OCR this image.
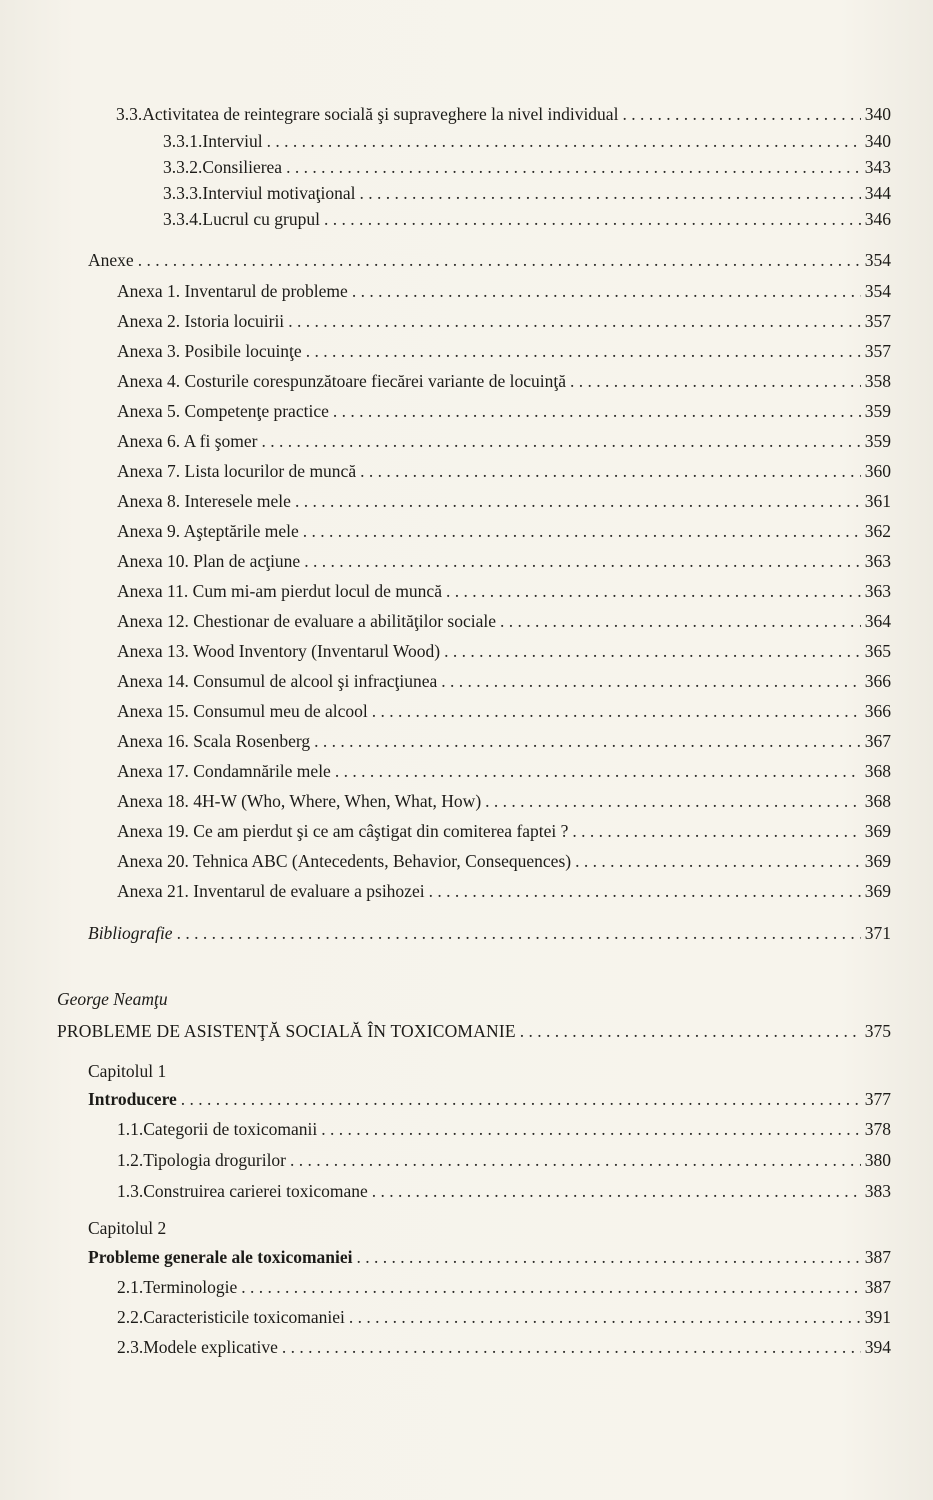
3.3. Activitatea de reintegrare socială şi supraveghere la nivel individual . . .	340
3.3.1. Interviul . . .	340
3.3.2. Consilierea . . .	343
3.3.3. Interviul motivaţional . . .	344
3.3.4. Lucrul cu grupul . . .	346
Anexe . . .	354
Anexa 1. Inventarul de probleme . . .	354
Anexa 2. Istoria locuirii . . .	357
Anexa 3. Posibile locuinţe . . .	357
Anexa 4. Costurile corespunzătoare fiecărei variante de locuinţă . . .	358
Anexa 5. Competenţe practice . . .	359
Anexa 6. A fi şomer . . .	359
Anexa 7. Lista locurilor de muncă . . .	360
Anexa 8. Interesele mele . . .	361
Anexa 9. Aşteptările mele . . .	362
Anexa 10. Plan de acţiune . . .	363
Anexa 11. Cum mi-am pierdut locul de muncă . . .	363
Anexa 12. Chestionar de evaluare a abilităţilor sociale . . .	364
Anexa 13. Wood Inventory (Inventarul Wood) . . .	365
Anexa 14. Consumul de alcool şi infracţiunea . . .	366
Anexa 15. Consumul meu de alcool . . .	366
Anexa 16. Scala Rosenberg . . .	367
Anexa 17. Condamnările mele . . .	368
Anexa 18. 4H-W (Who, Where, When, What, How) . . .	368
Anexa 19. Ce am pierdut şi ce am câştigat din comiterea faptei ? . . .	369
Anexa 20. Tehnica ABC (Antecedents, Behavior, Consequences) . . .	369
Anexa 21. Inventarul de evaluare a psihozei . . .	369
Bibliografie . . .	371
George Neamţu
PROBLEME DE ASISTENŢĂ SOCIALĂ ÎN TOXICOMANIE . . .	375
Capitolul 1
Introducere . . .	377
1.1. Categorii de toxicomanii . . .	378
1.2. Tipologia drogurilor . . .	380
1.3. Construirea carierei toxicomane . . .	383
Capitolul 2
Probleme generale ale toxicomaniei . . .	387
2.1. Terminologie . . .	387
2.2. Caracteristicile toxicomaniei . . .	391
2.3. Modele explicative . . .	394
